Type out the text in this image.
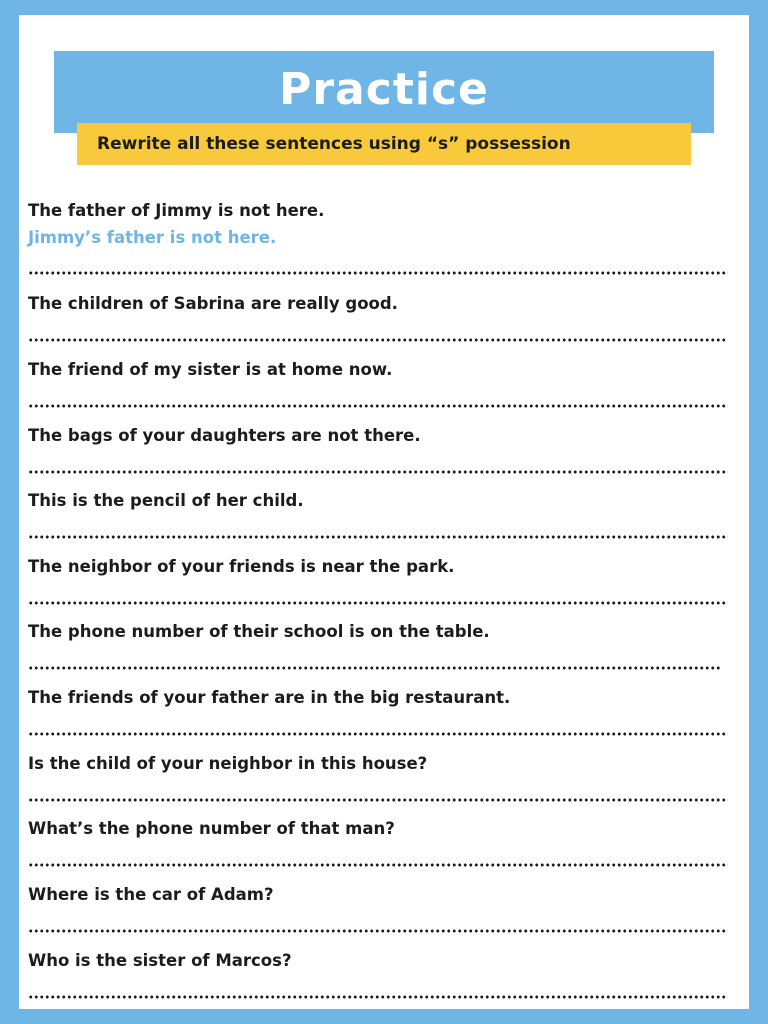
Practice
Rewrite all these sentences using “s” possession
The father of Jimmy is not here.
Jimmy’s father is not here.
The children of Sabrina are really good.
The friend of my sister is at home now.
The bags of your daughters are not there.
This is the pencil of her child.
The neighbor of your friends is near the park.
The phone number of their school is on the table.
The friends of your father are in the big restaurant.
Is the child of your neighbor in this house?
What’s the phone number of that man?
Where is the car of Adam?
Who is the sister of Marcos?
